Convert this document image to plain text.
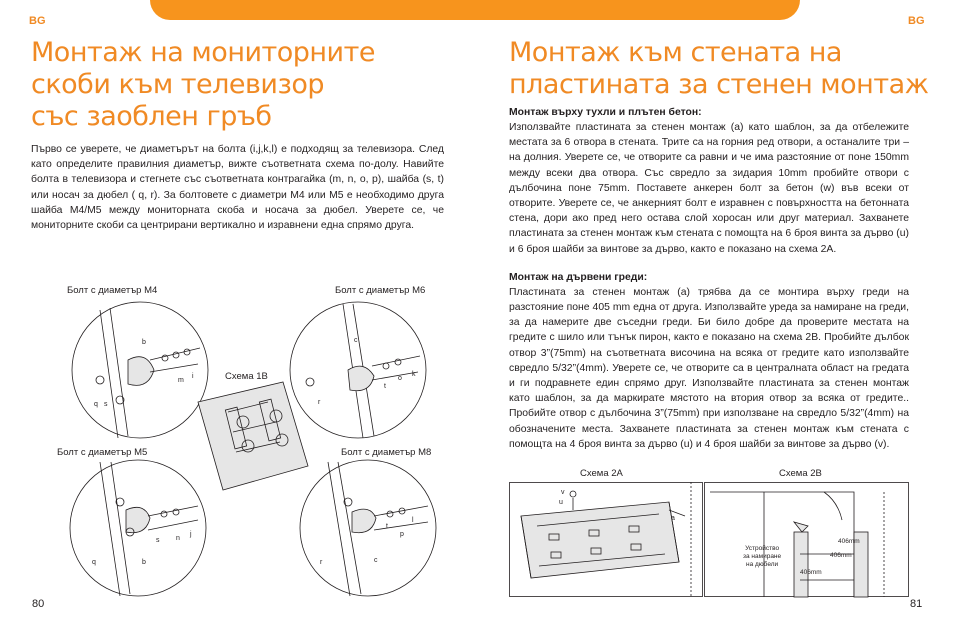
BG	BG
Монтаж на мониторните
скоби към телевизор
със заоблен гръб

Първо се уверете, че диаметърът на болта (i,j,k,l) е подходящ за телевизора. След като определите правилния диаметър, вижте съответната схема по-долу. Навийте болта в телевизора и стегнете със съответната контрагайка (m, n, o, p), шайба (s, t) или носач за дюбел ( q, r). За болтовете с диаметри M4 или M5 е необходимо друга шайба M4/M5 между мониторната скоба и носача за дюбел. Уверете се, че мониторните скоби са центрирани вертикално и изравнени една спрямо друга.

Болт с диаметър М4	Болт с диаметър М6
Болт с диаметър М5	Болт с диаметър М8
Схема 1B
b
i
m
q s
c
k
o
t
r
b
j
n
q
s
c
l
p
r
t
80
Монтаж към стената на
пластината за стенен монтаж
Монтаж върху тухли и плътен бетон:

Използвайте пластината за стенен монтаж (a) като шаблон, за да отбележите местата за 6 отвора в стената. Трите са на горния ред отвори, а останалите три – на долния. Уверете се, че отворите са равни и че има разстояние от поне 150mm между всеки два отвора. Със свредло за зидария 10mm пробийте отвори с дълбочина поне 75mm. Поставете анкерен болт за бетон (w) във всеки от отворите. Уверете се, че анкерният болт е изравнен с повърхността на бетонната стена, дори ако пред него остава слой хоросан или друг материал. Захванете пластината за стенен монтаж към стената с помощта на 6 броя винта за дърво (u) и 6 броя шайби за винтове за дърво, както е показано на схема 2A.

Монтаж на дървени греди:

Пластината за стенен монтаж (a) трябва да се монтира върху греди на разстояние поне 405 mm една от друга. Използвайте уреда за намиране на греди, за да намерите две съседни греди. Би било добре да проверите местата на гредите с шило или тънък пирон, както е показано на схема 2B. Пробийте дълбок отвор 3”(75mm) на съответната височина на всяка от гредите като използвайте свредло 5/32”(4mm). Уверете се, че отворите са в централната област на гредата и ги подравнете един спрямо друг. Използвайте пластината за стенен монтаж като шаблон, за да маркирате мястото на втория отвор за всяка от гредите.. Пробийте отвор с дълбочина 3”(75mm) при използване на свредло 5/32”(4mm) на обозначените места. Захванете пластината за стенен монтаж към стената с помощта на 4 броя винта за дърво (u) и 4 броя шайби за винтове за дърво (v).

Схема 2A	Схема 2B
v
u
a
Устройство
за намиране
на дюбели
406mm
406mm
406mm
81
